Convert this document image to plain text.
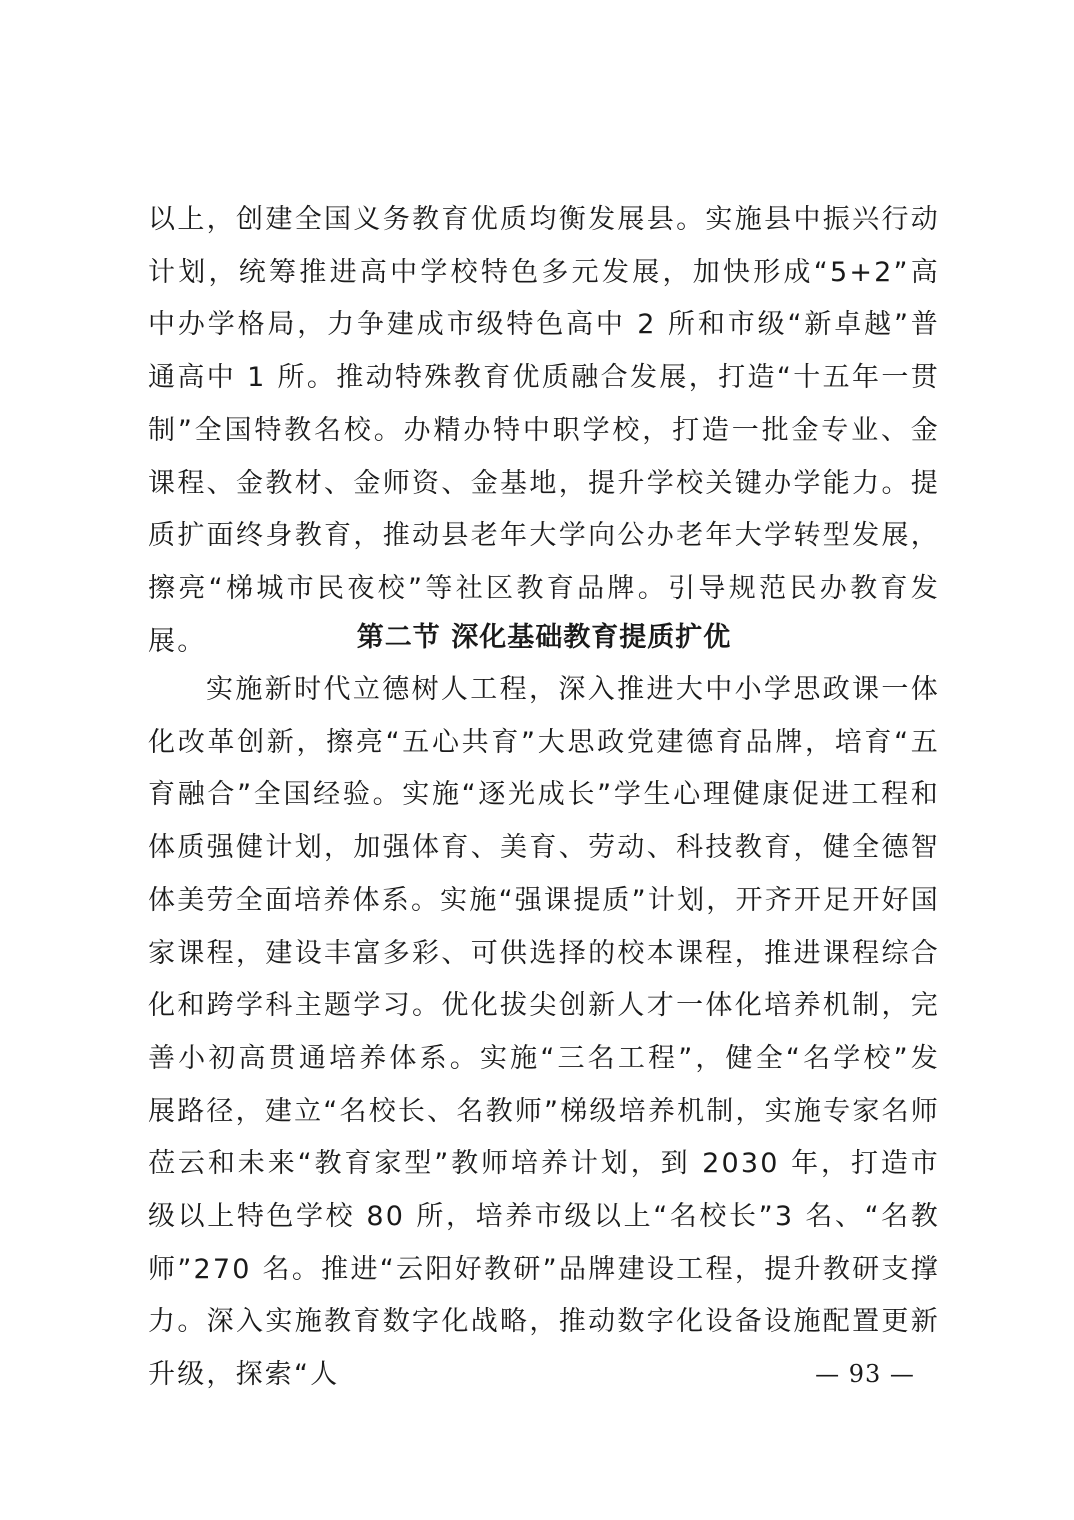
以上，创建全国义务教育优质均衡发展县。实施县中振兴行动计划，统筹推进高中学校特色多元发展，加快形成“5+2”高中办学格局，力争建成市级特色高中 2 所和市级“新卓越”普通高中 1 所。推动特殊教育优质融合发展，打造“十五年一贯制”全国特教名校。办精办特中职学校，打造一批金专业、金课程、金教材、金师资、金基地，提升学校关键办学能力。提质扩面终身教育，推动县老年大学向公办老年大学转型发展，擦亮“梯城市民夜校”等社区教育品牌。引导规范民办教育发展。	第二节 深化基础教育提质扩优

实施新时代立德树人工程，深入推进大中小学思政课一体化改革创新，擦亮“五心共育”大思政党建德育品牌，培育“五育融合”全国经验。实施“逐光成长”学生心理健康促进工程和体质强健计划，加强体育、美育、劳动、科技教育，健全德智体美劳全面培养体系。实施“强课提质”计划，开齐开足开好国家课程，建设丰富多彩、可供选择的校本课程，推进课程综合化和跨学科主题学习。优化拔尖创新人才一体化培养机制，完善小初高贯通培养体系。实施“三名工程”，健全“名学校”发展路径，建立“名校长、名教师”梯级培养机制，实施专家名师莅云和未来“教育家型”教师培养计划，到 2030 年，打造市级以上特色学校 80 所，培养市级以上“名校长”3 名、“名教师”270 名。推进“云阳好教研”品牌建设工程，提升教研支撑力。深入实施教育数字化战略，推动数字化设备设施配置更新升级，探索“人	— 93 —
